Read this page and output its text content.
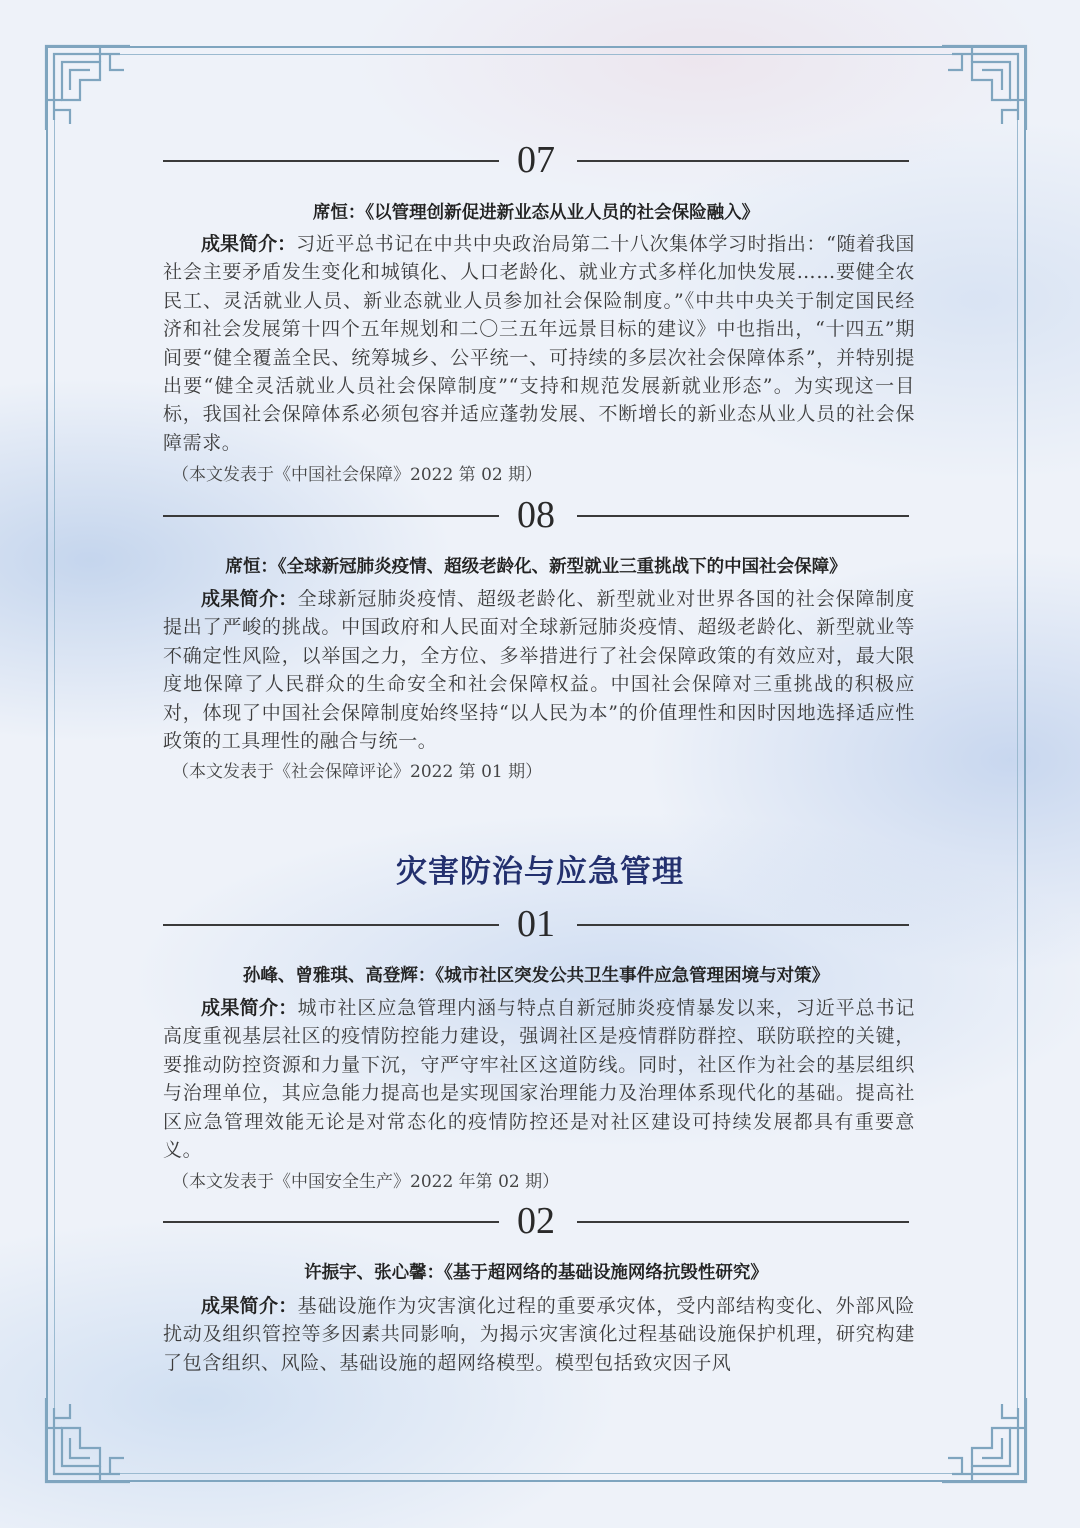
07
席恒：《以管理创新促进新业态从业人员的社会保险融入》
成果简介：习近平总书记在中共中央政治局第二十八次集体学习时指出：“随着我国社会主要矛盾发生变化和城镇化、人口老龄化、就业方式多样化加快发展……要健全农民工、灵活就业人员、新业态就业人员参加社会保险制度。”《中共中央关于制定国民经济和社会发展第十四个五年规划和二〇三五年远景目标的建议》中也指出，“十四五”期间要“健全覆盖全民、统筹城乡、公平统一、可持续的多层次社会保障体系”，并特别提出要“健全灵活就业人员社会保障制度”“支持和规范发展新就业形态”。为实现这一目标，我国社会保障体系必须包容并适应蓬勃发展、不断增长的新业态从业人员的社会保障需求。
（本文发表于《中国社会保障》2022 第 02 期）
08
席恒：《全球新冠肺炎疫情、超级老龄化、新型就业三重挑战下的中国社会保障》
成果简介：全球新冠肺炎疫情、超级老龄化、新型就业对世界各国的社会保障制度提出了严峻的挑战。中国政府和人民面对全球新冠肺炎疫情、超级老龄化、新型就业等不确定性风险，以举国之力，全方位、多举措进行了社会保障政策的有效应对，最大限度地保障了人民群众的生命安全和社会保障权益。中国社会保障对三重挑战的积极应对，体现了中国社会保障制度始终坚持“以人民为本”的价值理性和因时因地选择适应性政策的工具理性的融合与统一。
（本文发表于《社会保障评论》2022 第 01 期）
灾害防治与应急管理
01
孙峰、曾雅琪、高登辉：《城市社区突发公共卫生事件应急管理困境与对策》
成果简介：城市社区应急管理内涵与特点自新冠肺炎疫情暴发以来，习近平总书记高度重视基层社区的疫情防控能力建设，强调社区是疫情群防群控、联防联控的关键，要推动防控资源和力量下沉，守严守牢社区这道防线。同时，社区作为社会的基层组织与治理单位，其应急能力提高也是实现国家治理能力及治理体系现代化的基础。提高社区应急管理效能无论是对常态化的疫情防控还是对社区建设可持续发展都具有重要意义。
（本文发表于《中国安全生产》2022 年第 02 期）
02
许振宇、张心馨：《基于超网络的基础设施网络抗毁性研究》
成果简介：基础设施作为灾害演化过程的重要承灾体，受内部结构变化、外部风险扰动及组织管控等多因素共同影响，为揭示灾害演化过程基础设施保护机理，研究构建了包含组织、风险、基础设施的超网络模型。模型包括致灾因子风
